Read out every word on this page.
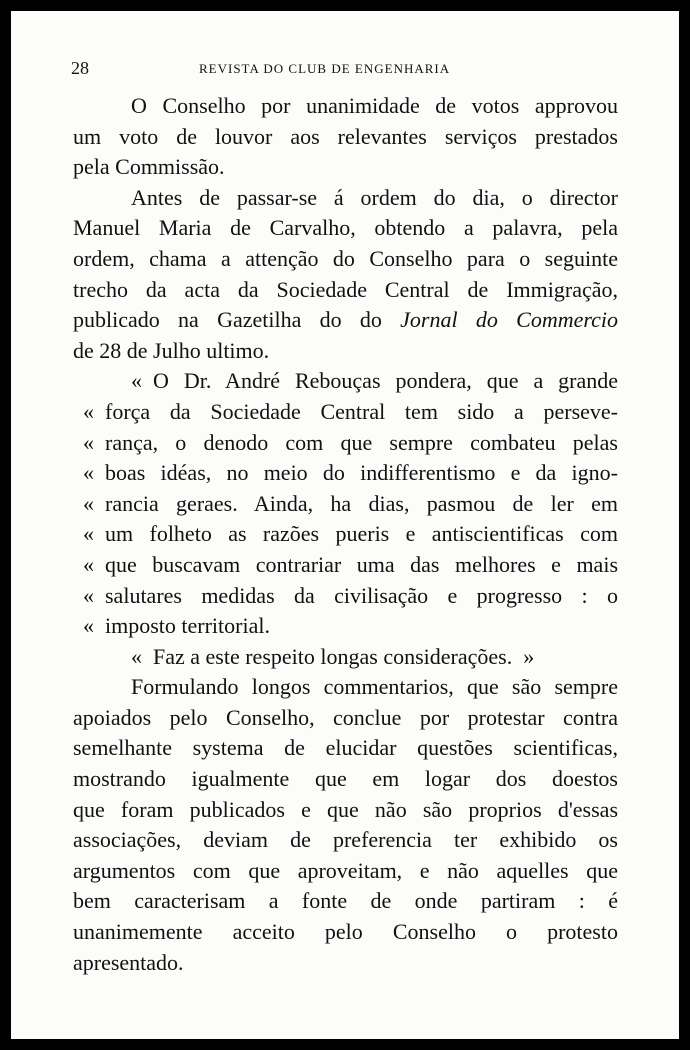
28	REVISTA DO CLUB DE ENGENHARIA
O Conselho por unanimidade de votos approvou
um voto de louvor aos relevantes serviços prestados
pela Commissão.
Antes de passar-se á ordem do dia, o director
Manuel Maria de Carvalho, obtendo a palavra, pela
ordem, chama a attenção do Conselho para o seguinte
trecho da acta da Sociedade Central de Immigração,
publicado na Gazetilha do do Jornal do Commercio
de 28 de Julho ultimo.
« O Dr. André Rebouças pondera, que a grande
« força da Sociedade Central tem sido a perseve-
« rança, o denodo com que sempre combateu pelas
« boas idéas, no meio do indifferentismo e da igno-
« rancia geraes. Ainda, ha dias, pasmou de ler em
« um folheto as razões pueris e antiscientificas com
« que buscavam contrariar uma das melhores e mais
« salutares medidas da civilisação e progresso : o
« imposto territorial.
« Faz a este respeito longas considerações. »
Formulando longos commentarios, que são sempre
apoiados pelo Conselho, conclue por protestar contra
semelhante systema de elucidar questões scientificas,
mostrando igualmente que em logar dos doestos
que foram publicados e que não são proprios d'essas
associações, deviam de preferencia ter exhibido os
argumentos com que aproveitam, e não aquelles que
bem caracterisam a fonte de onde partiram : é
unanimemente acceito pelo Conselho o protesto
apresentado.
